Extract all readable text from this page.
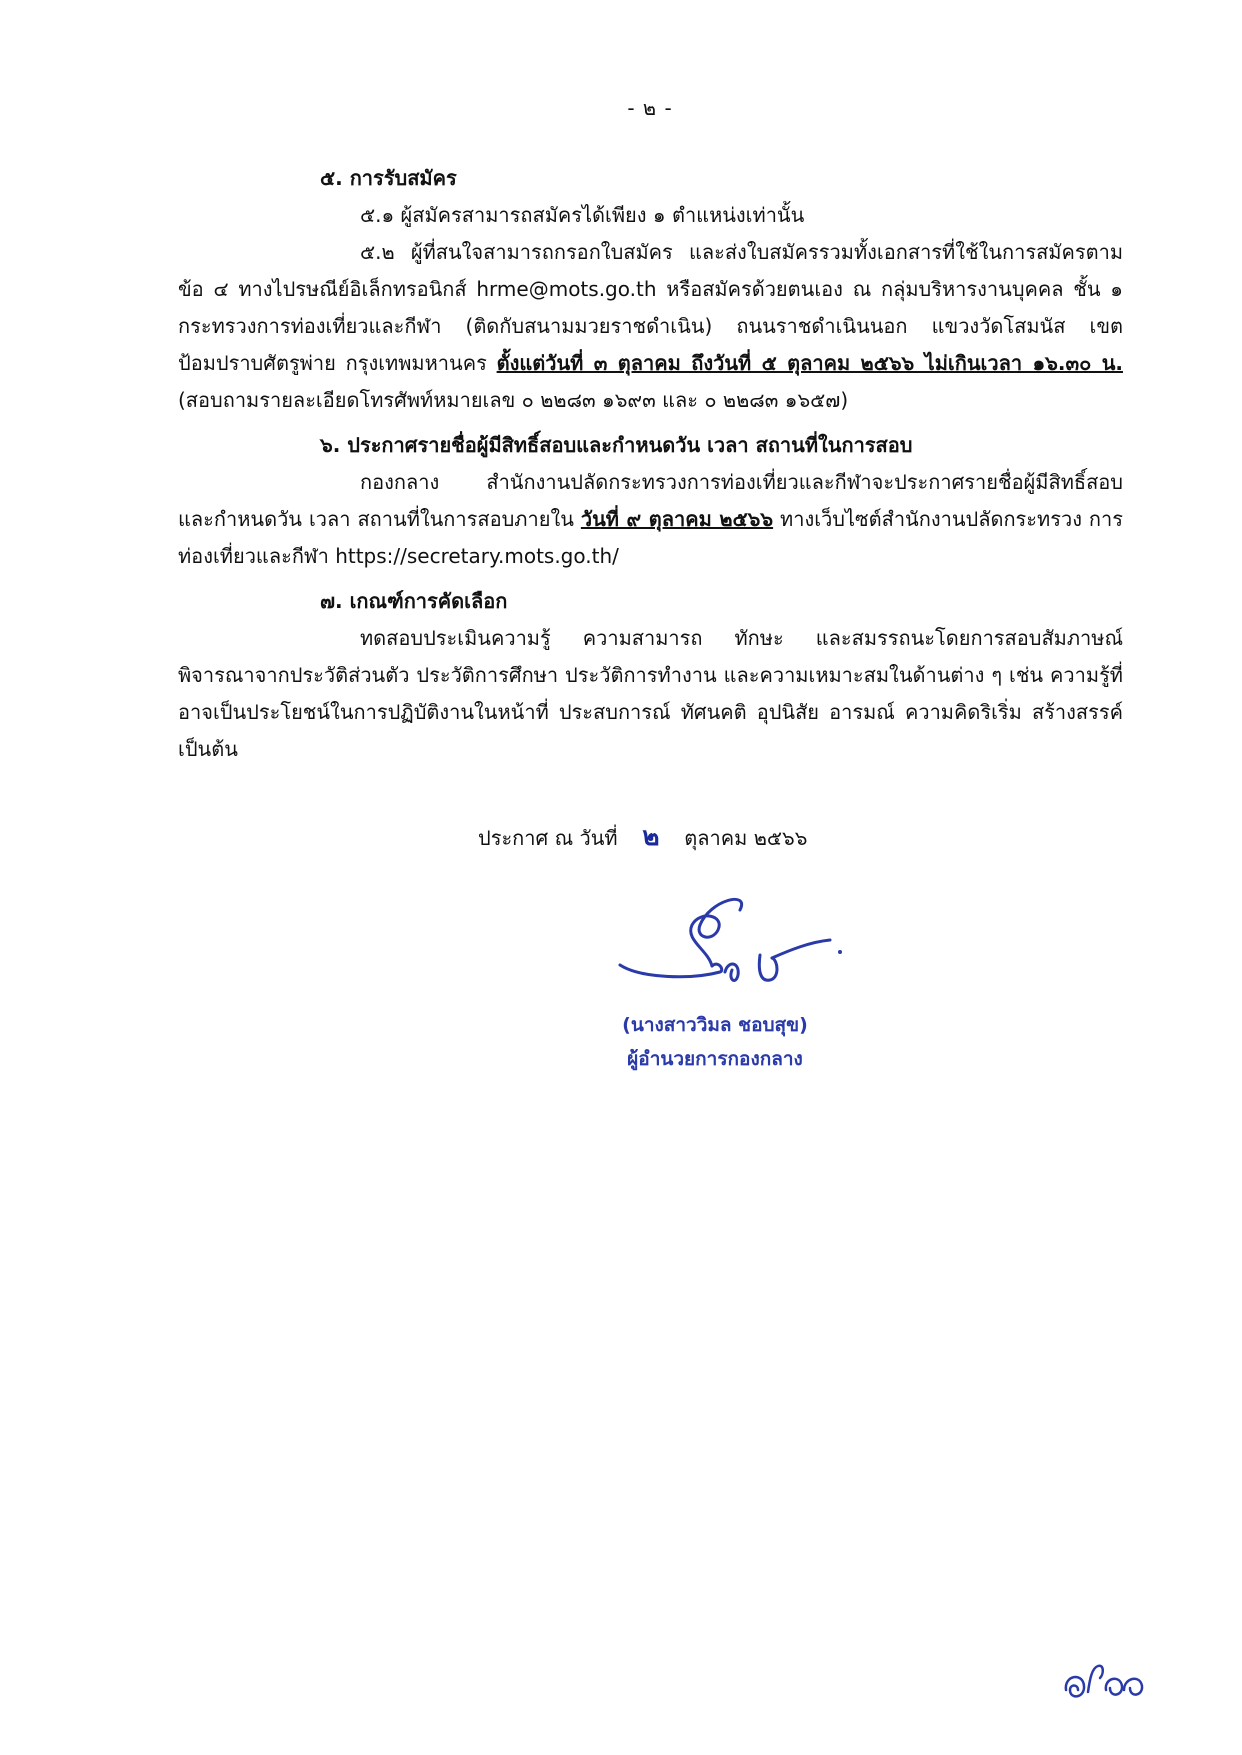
- ๒ -

๕. การรับสมัคร

๕.๑ ผู้สมัครสามารถสมัครได้เพียง ๑ ตำแหน่งเท่านั้น

๕.๒ ผู้ที่สนใจสามารถกรอกใบสมัคร และส่งใบสมัครรวมทั้งเอกสารที่ใช้ในการสมัครตาม ข้อ ๔ ทางไปรษณีย์อิเล็กทรอนิกส์ hrme@mots.go.th หรือสมัครด้วยตนเอง ณ กลุ่มบริหารงานบุคคล ชั้น ๑ กระทรวงการท่องเที่ยวและกีฬา (ติดกับสนามมวยราชดำเนิน) ถนนราชดำเนินนอก แขวงวัดโสมนัส เขตป้อมปราบศัตรูพ่าย กรุงเทพมหานคร ตั้งแต่วันที่ ๓ ตุลาคม ถึงวันที่ ๕ ตุลาคม ๒๕๖๖ ไม่เกินเวลา ๑๖.๓๐ น. (สอบถามรายละเอียดโทรศัพท์หมายเลข ๐ ๒๒๘๓ ๑๖๙๓ และ ๐ ๒๒๘๓ ๑๖๕๗)

๖. ประกาศรายชื่อผู้มีสิทธิ์สอบและกำหนดวัน เวลา สถานที่ในการสอบ

กองกลาง สำนักงานปลัดกระทรวงการท่องเที่ยวและกีฬาจะประกาศรายชื่อผู้มีสิทธิ์สอบ และกำหนดวัน เวลา สถานที่ในการสอบภายใน วันที่ ๙ ตุลาคม ๒๕๖๖ ทางเว็บไซต์สำนักงานปลัดกระทรวง การท่องเที่ยวและกีฬา https://secretary.mots.go.th/

๗. เกณฑ์การคัดเลือก

ทดสอบประเมินความรู้ ความสามารถ ทักษะ และสมรรถนะโดยการสอบสัมภาษณ์ พิจารณาจากประวัติส่วนตัว ประวัติการศึกษา ประวัติการทำงาน และความเหมาะสมในด้านต่าง ๆ เช่น ความรู้ที่อาจเป็นประโยชน์ในการปฏิบัติงานในหน้าที่ ประสบการณ์ ทัศนคติ อุปนิสัย อารมณ์ ความคิดริเริ่ม สร้างสรรค์ เป็นต้น

ประกาศ ณ วันที่ ๒ ตุลาคม ๒๕๖๖
(นางสาววิมล ชอบสุข)
ผู้อำนวยการกองกลาง
